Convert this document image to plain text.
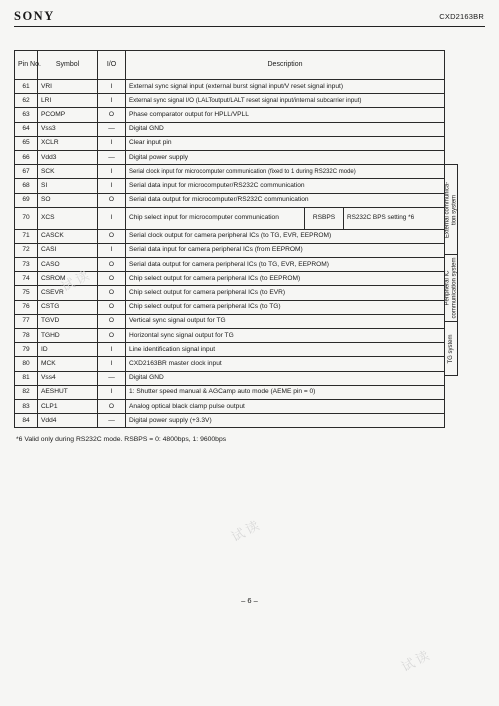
SONY	CXD2163BR
Pin No.	Symbol	I/O	Description		
61	VRI	I	External sync signal input (external burst signal input/V reset signal input)		
62	LRI	I	External sync signal I/O (LALToutput/LALT reset signal input/internal subcarrier input)		
63	PCOMP	O	Phase comparator output for HPLL/VPLL		
64	Vss3	—	Digital GND		
65	XCLR	I	Clear input pin		
66	Vdd3	—	Digital power supply		
67	SCK	I	Serial clock input for microcomputer communication (fixed to 1 during RS232C mode)		
68	SI	I	Serial data input for microcomputer/RS232C communication		
69	SO	O	Serial data output for microcomputer/RS232C communication		
70	XCS	I	Chip select input for microcomputer communication	RSBPS	RS232C BPS setting *6
71	CASCK	O	Serial clock output for camera peripheral ICs (to TG, EVR, EEPROM)		
72	CASI	I	Serial data input for camera peripheral ICs (from EEPROM)		
73	CASO	O	Serial data output for camera peripheral ICs (to TG, EVR, EEPROM)		
74	CSROM	O	Chip select output for camera peripheral ICs (to EEPROM)		
75	CSEVR	O	Chip select output for camera peripheral ICs (to EVR)		
76	CSTG	O	Chip select output for camera peripheral ICs (to TG)		
77	TGVD	O	Vertical sync signal output for TG		
78	TGHD	O	Horizontal sync signal output for TG		
79	ID	I	Line identification signal input		
80	MCK	I	CXD2163BR master clock input		
81	Vss4	—	Digital GND		
82	AESHUT	I	1: Shutter speed manual & AGCamp auto mode (AEME pin = 0)		
83	CLP1	O	Analog optical black clamp pulse output		
84	Vdd4	—	Digital power supply (+3.3V)		
External communica-
tion system
Peripheral IC
communication system
TG system
*6 Valid only during RS232C mode. RSBPS = 0: 4800bps, 1: 9600bps
– 6 –
试读
试读
试读
